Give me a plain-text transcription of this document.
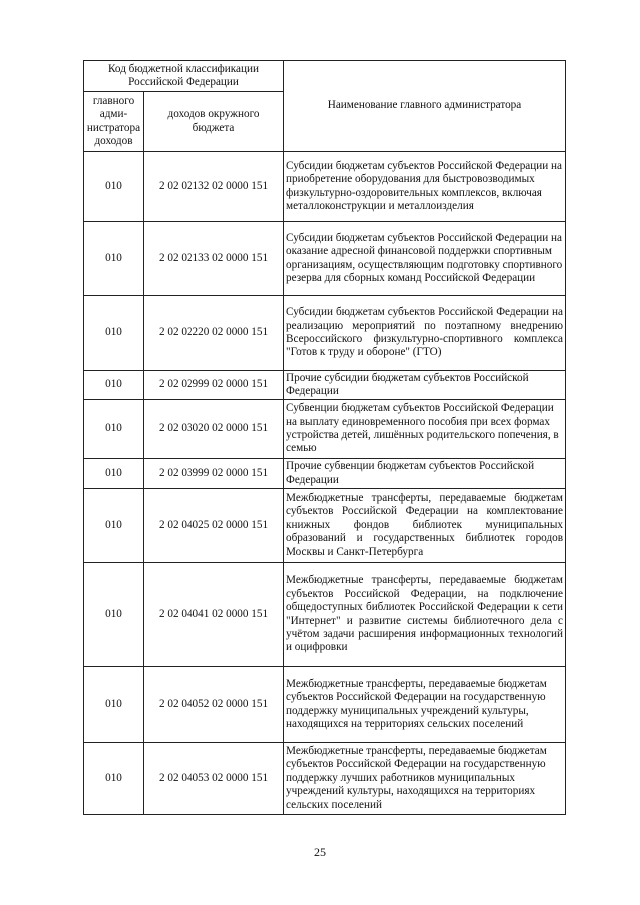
Код бюджетной классификации Российской Федерации		Наименование главного администратора
главного адми-нистратора доходов	доходов окружного бюджета	
010	2 02 02132 02 0000 151	Субсидии бюджетам субъектов Российской Федерации на приобретение оборудования для быстровозводимых физкультурно-оздоровительных комплексов, включая металлоконструкции и металлоизделия
010	2 02 02133 02 0000 151	Субсидии бюджетам субъектов Российской Федерации на оказание адресной финансовой поддержки спортивным организациям, осуществляющим подготовку спортивного резерва для сборных команд Российской Федерации
010	2 02 02220 02 0000 151	Субсидии бюджетам субъектов Российской Федерации на реализацию мероприятий по поэтапному внедрению Всероссийского физкультурно-спортивного комплекса "Готов к труду и обороне" (ГТО)
010	2 02 02999 02 0000 151	Прочие субсидии бюджетам субъектов Российской Федерации
010	2 02 03020 02 0000 151	Субвенции бюджетам субъектов Российской Федерации на выплату единовременного пособия при всех формах устройства детей, лишённых родительского попечения, в семью
010	2 02 03999 02 0000 151	Прочие субвенции бюджетам субъектов Российской Федерации
010	2 02 04025 02 0000 151	Межбюджетные трансферты, передаваемые бюджетам субъектов Российской Федерации на комплектование книжных фондов библиотек муниципальных образований и государственных библиотек городов Москвы и Санкт-Петербурга
010	2 02 04041 02 0000 151	Межбюджетные трансферты, передаваемые бюджетам субъектов Российской Федерации, на подключение общедоступных библиотек Российской Федерации к сети "Интернет" и развитие системы библиотечного дела с учётом задачи расширения информационных технологий и оцифровки
010	2 02 04052 02 0000 151	Межбюджетные трансферты, передаваемые бюджетам субъектов Российской Федерации на государственную поддержку муниципальных учреждений культуры, находящихся на территориях сельских поселений
010	2 02 04053 02 0000 151	Межбюджетные трансферты, передаваемые бюджетам субъектов Российской Федерации на государственную поддержку лучших работников муниципальных учреждений культуры, находящихся на территориях сельских поселений
25
